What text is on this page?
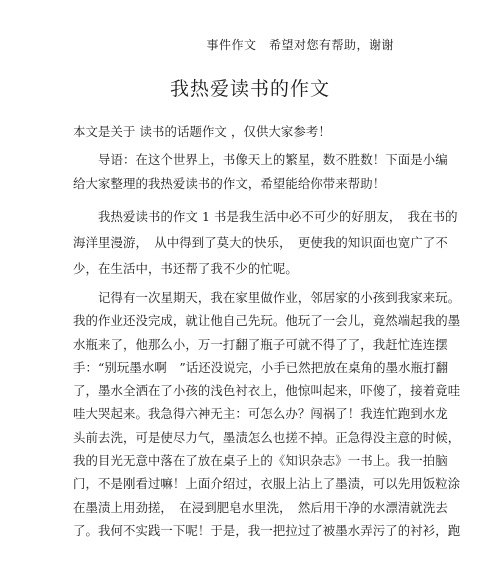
事件作文　希望对您有帮助，谢谢
我热爱读书的作文
本文是关于 读书的话题作文 ，仅供大家参考！
导语：在这个世界上，书像天上的繁星，数不胜数！下面是小编
给大家整理的我热爱读书的作文，希望能给你带来帮助！
我热爱读书的作文 1 书是我生活中必不可少的好朋友，　我在书的
海洋里漫游，　从中得到了莫大的快乐，　更使我的知识面也宽广了不
少，在生活中，书还帮了我不少的忙呢。
记得有一次星期天，我在家里做作业，邻居家的小孩到我家来玩。
我的作业还没完成，就让他自己先玩。他玩了一会儿，竟然端起我的墨
水瓶来了，他那么小，万一打翻了瓶子可就不得了了，我赶忙连连摆
手：“别玩墨水啊　”话还没说完，小手已然把放在桌角的墨水瓶打翻
了，墨水全洒在了小孩的浅色衬衣上，他惊叫起来，吓傻了，接着竟哇
哇大哭起来。我急得六神无主：可怎么办？闯祸了！我连忙跑到水龙
头前去洗，可是使尽力气，墨渍怎么也搓不掉。正急得没主意的时候，
我的目光无意中落在了放在桌子上的《知识杂志》一书上。我一拍脑
门，不是刚看过嘛！上面介绍过，衣服上沾上了墨渍，可以先用饭粒涂
在墨渍上用劲搓，　在浸到肥皂水里洗，　然后用干净的水漂清就洗去
了。我何不实践一下呢！于是，我一把拉过了被墨水弄污了的衬衫，跑
